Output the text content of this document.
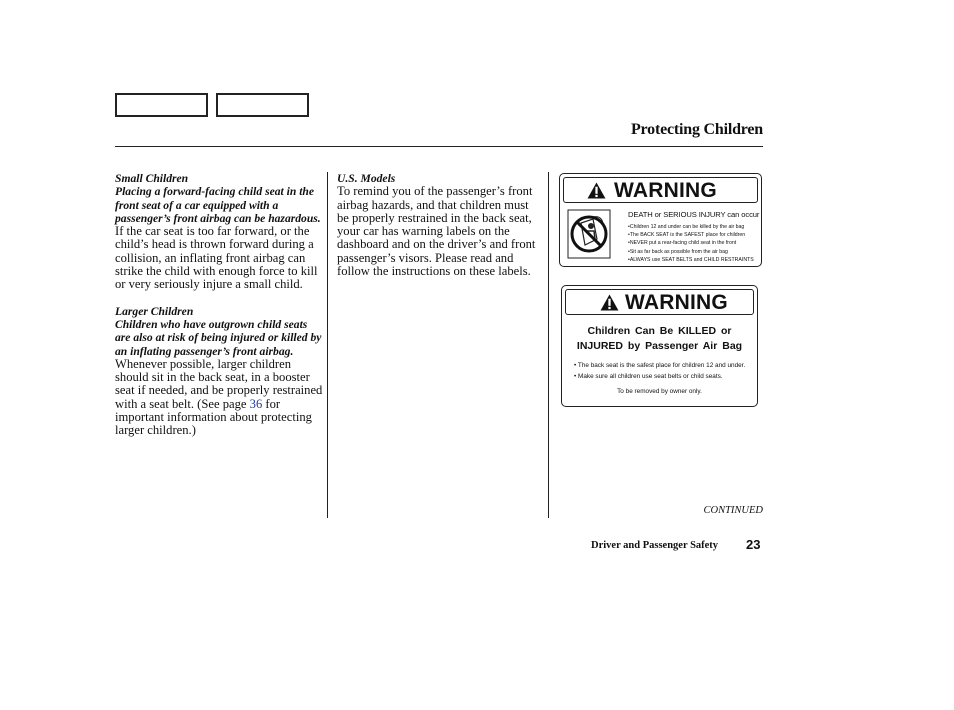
Protecting Children
Small Children
Placing a forward-facing child seat in the front seat of a car equipped with a passenger’s front airbag can be hazardous. If the car seat is too far forward, or the child’s head is thrown forward during a collision, an inflating front airbag can strike the child with enough force to kill or very seriously injure a small child.
Larger Children
Children who have outgrown child seats are also at risk of being injured or killed by an inflating passenger’s front airbag. Whenever possible, larger children should sit in the back seat, in a booster seat if needed, and be properly restrained with a seat belt. (See page 36 for important information about protecting larger children.)
U.S. Models
To remind you of the passenger’s front airbag hazards, and that children must be properly restrained in the back seat, your car has warning labels on the dashboard and on the driver’s and front passenger’s visors. Please read and follow the instructions on these labels.
WARNING
DEATH or SERIOUS INJURY can occur
• Children 12 and under can be killed by the air bag
• The BACK SEAT is the SAFEST place for children
• NEVER put a rear-facing child seat in the front
• Sit as far back as possible from the air bag
• ALWAYS use SEAT BELTS and CHILD RESTRAINTS
WARNING
Children Can Be KILLED or
INJURED by Passenger Air Bag
• The back seat is the safest place for children 12 and under.
• Make sure all children use seat belts or child seats.
To be removed by owner only.
CONTINUED
Driver and Passenger Safety 23
